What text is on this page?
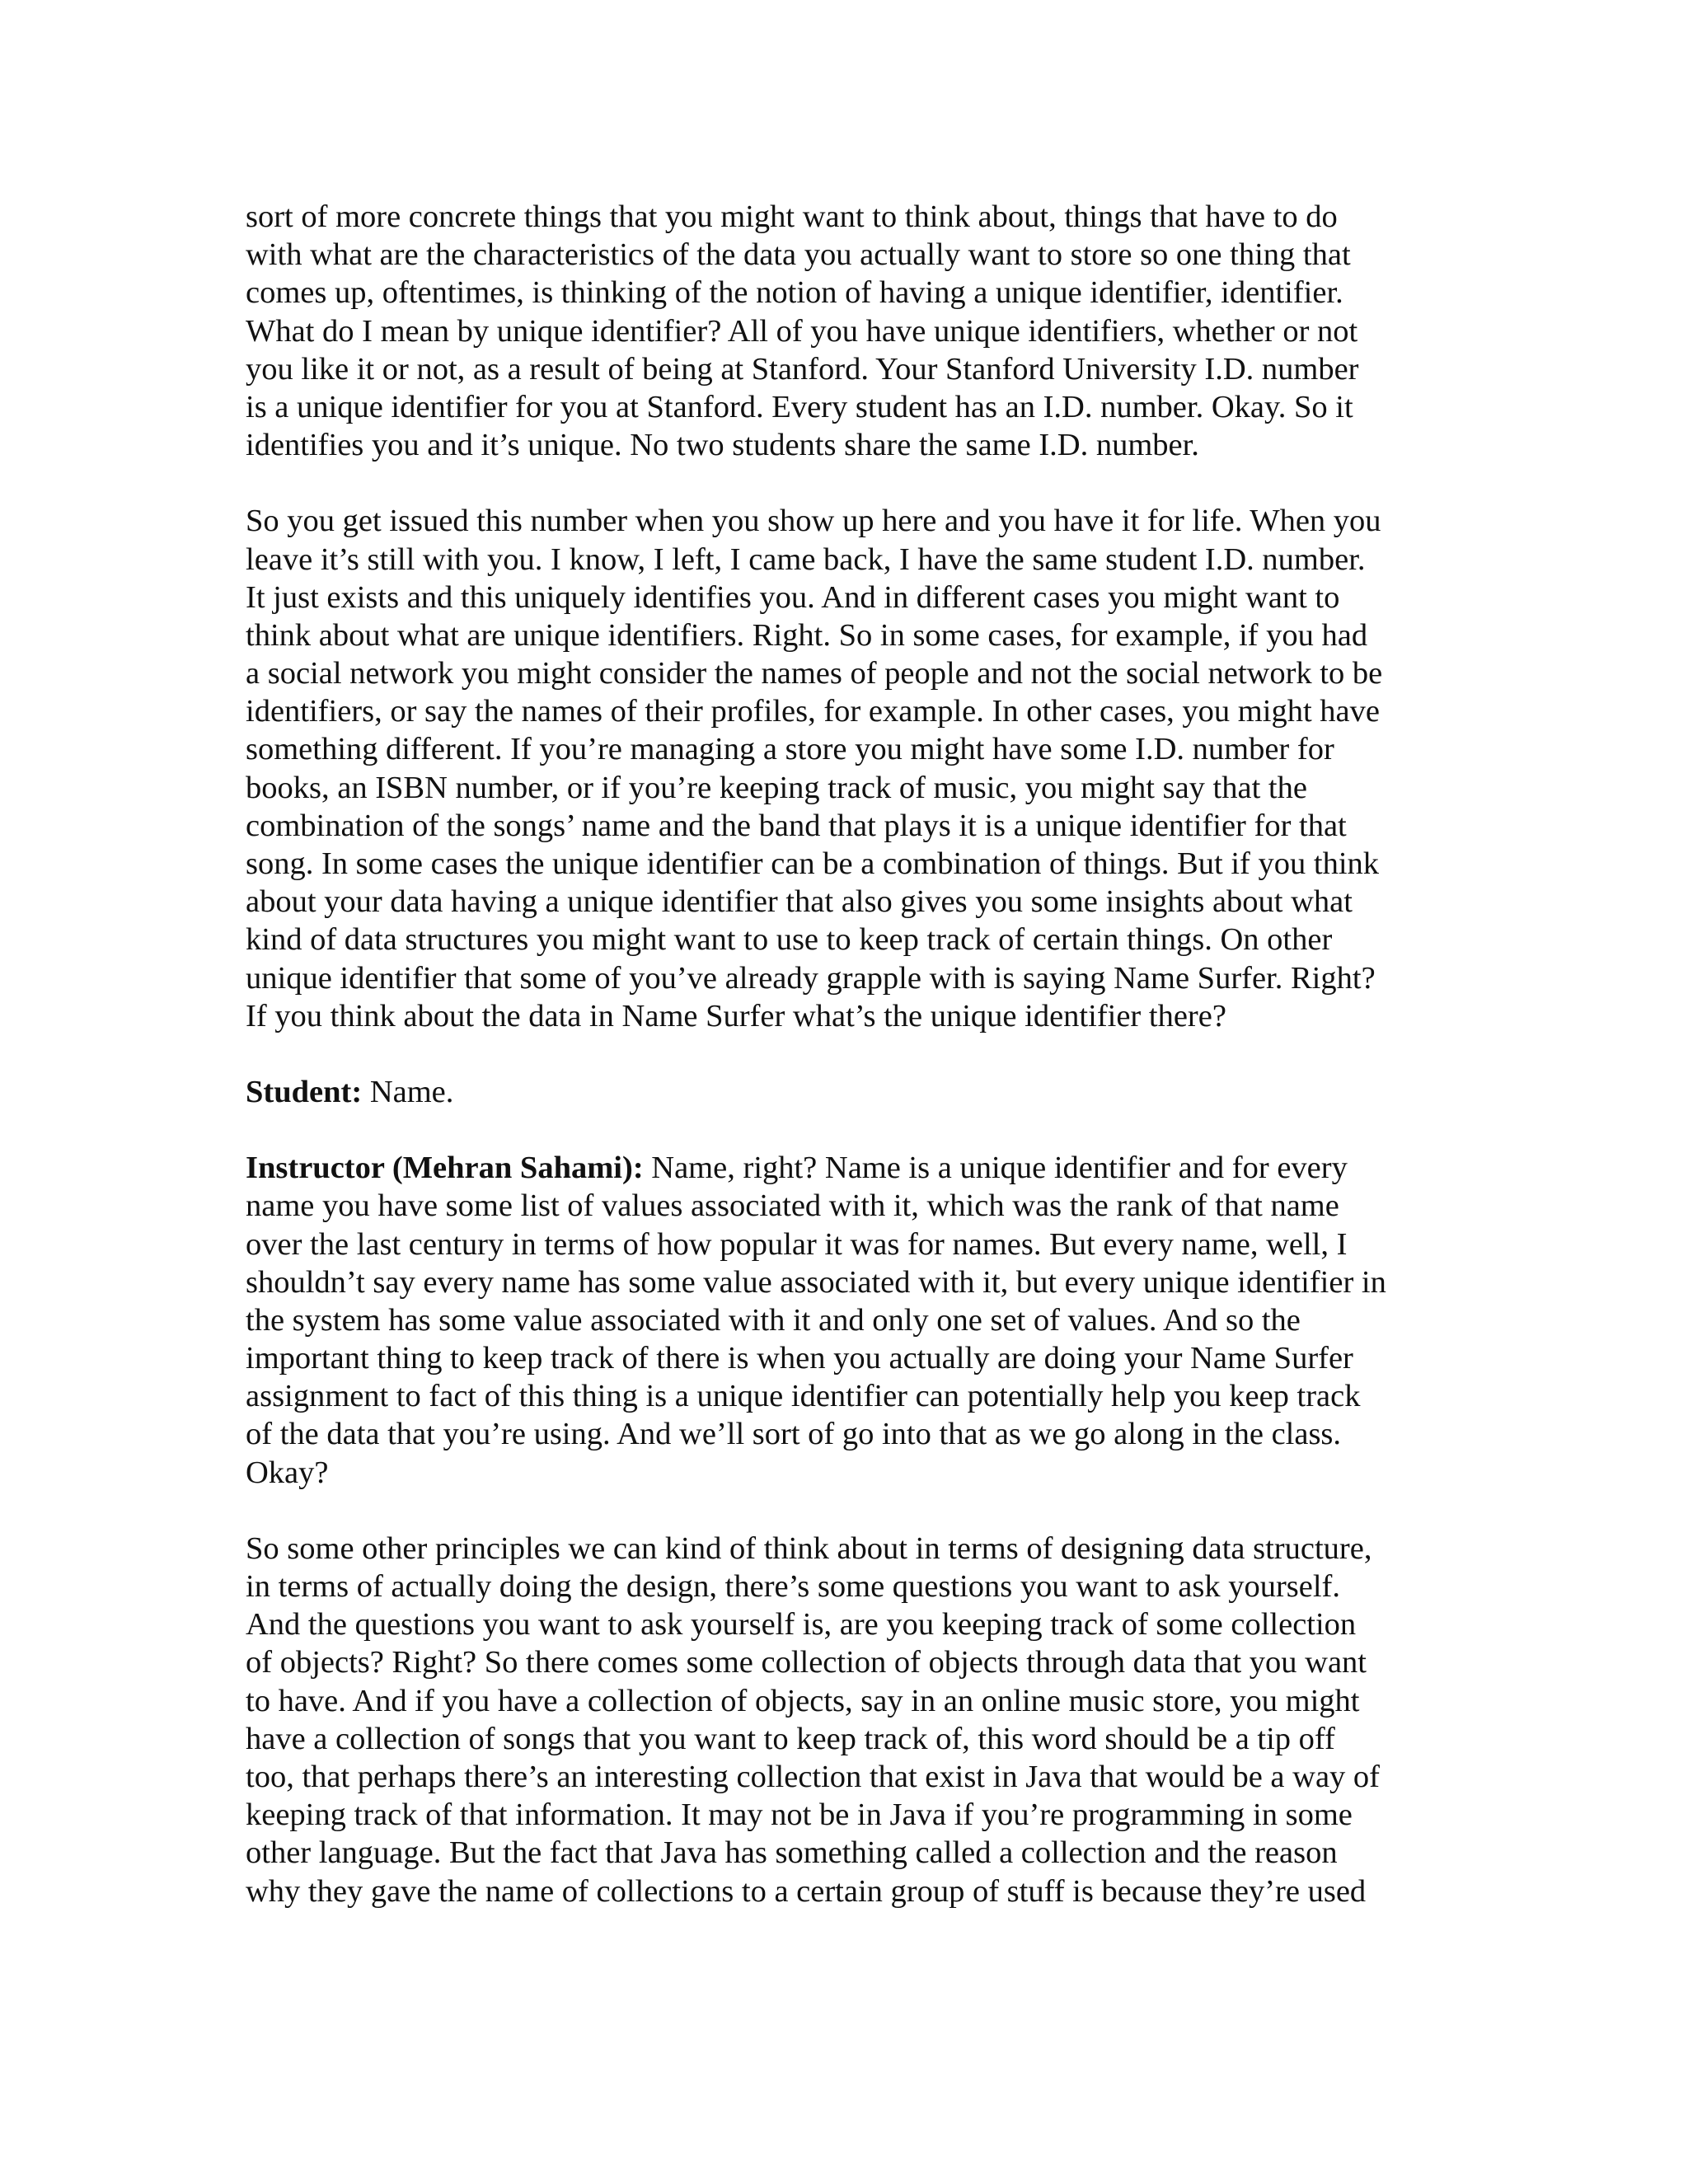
sort of more concrete things that you might want to think about, things that have to do
with what are the characteristics of the data you actually want to store so one thing that
comes up, oftentimes, is thinking of the notion of having a unique identifier, identifier.
What do I mean by unique identifier? All of you have unique identifiers, whether or not
you like it or not, as a result of being at Stanford. Your Stanford University I.D. number
is a unique identifier for you at Stanford. Every student has an I.D. number. Okay. So it
identifies you and it’s unique. No two students share the same I.D. number.

So you get issued this number when you show up here and you have it for life. When you
leave it’s still with you. I know, I left, I came back, I have the same student I.D. number.
It just exists and this uniquely identifies you. And in different cases you might want to
think about what are unique identifiers. Right. So in some cases, for example, if you had
a social network you might consider the names of people and not the social network to be
identifiers, or say the names of their profiles, for example. In other cases, you might have
something different. If you’re managing a store you might have some I.D. number for
books, an ISBN number, or if you’re keeping track of music, you might say that the
combination of the songs’ name and the band that plays it is a unique identifier for that
song. In some cases the unique identifier can be a combination of things. But if you think
about your data having a unique identifier that also gives you some insights about what
kind of data structures you might want to use to keep track of certain things. On other
unique identifier that some of you’ve already grapple with is saying Name Surfer. Right?
If you think about the data in Name Surfer what’s the unique identifier there?

Student: Name.

Instructor (Mehran Sahami): Name, right? Name is a unique identifier and for every
name you have some list of values associated with it, which was the rank of that name
over the last century in terms of how popular it was for names. But every name, well, I
shouldn’t say every name has some value associated with it, but every unique identifier in
the system has some value associated with it and only one set of values. And so the
important thing to keep track of there is when you actually are doing your Name Surfer
assignment to fact of this thing is a unique identifier can potentially help you keep track
of the data that you’re using. And we’ll sort of go into that as we go along in the class.
Okay?

So some other principles we can kind of think about in terms of designing data structure,
in terms of actually doing the design, there’s some questions you want to ask yourself.
And the questions you want to ask yourself is, are you keeping track of some collection
of objects? Right? So there comes some collection of objects through data that you want
to have. And if you have a collection of objects, say in an online music store, you might
have a collection of songs that you want to keep track of, this word should be a tip off
too, that perhaps there’s an interesting collection that exist in Java that would be a way of
keeping track of that information. It may not be in Java if you’re programming in some
other language. But the fact that Java has something called a collection and the reason
why they gave the name of collections to a certain group of stuff is because they’re used
